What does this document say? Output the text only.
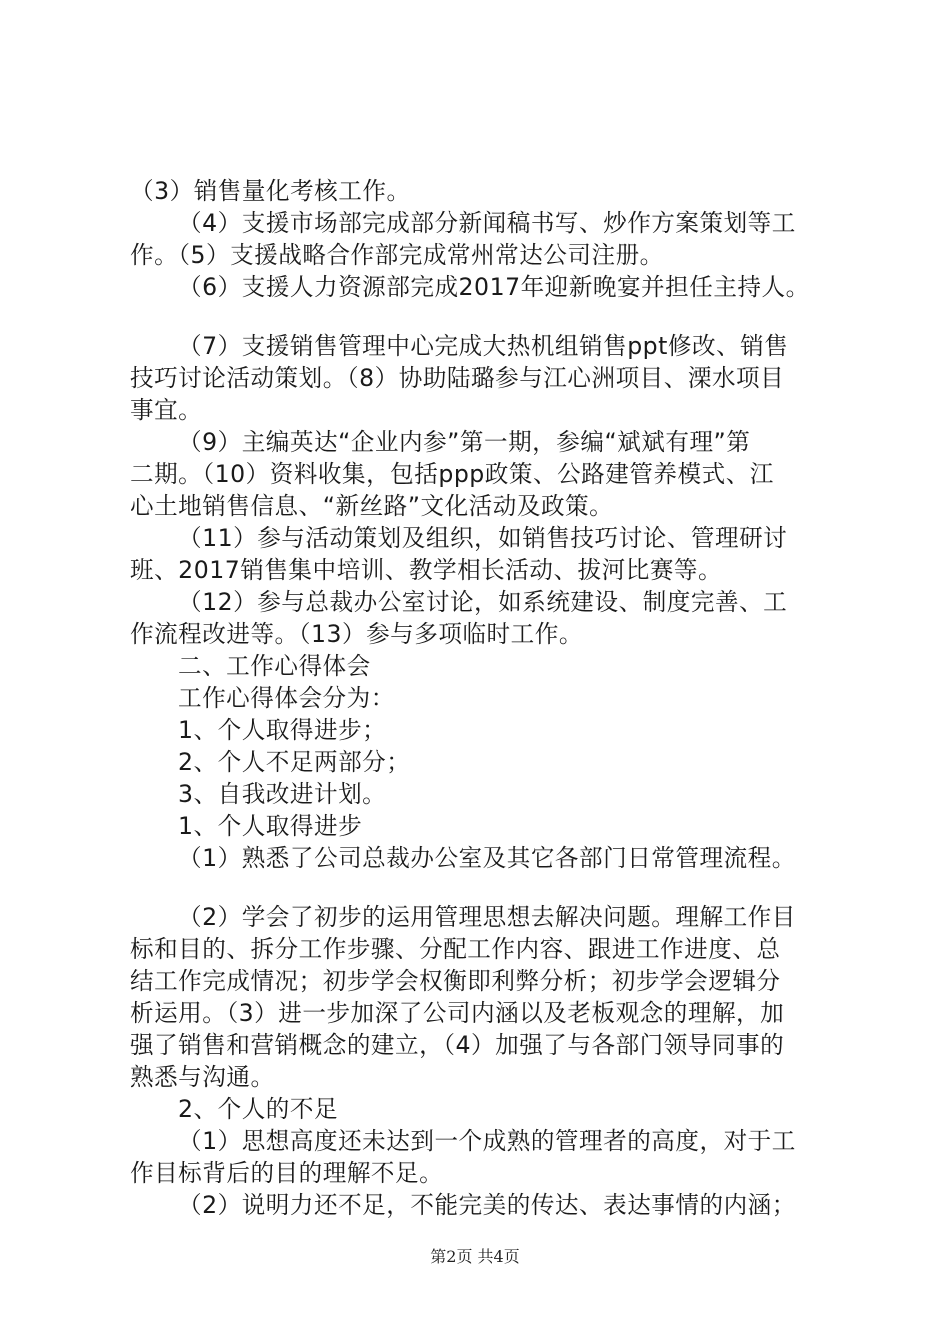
（3）销售量化考核工作。
（4）支援市场部完成部分新闻稿书写、炒作方案策划等工
作。（5）支援战略合作部完成常州常达公司注册。
（6）支援人力资源部完成2017年迎新晚宴并担任主持人。
（7）支援销售管理中心完成大热机组销售ppt修改、销售
技巧讨论活动策划。（8）协助陆璐参与江心洲项目、溧水项目
事宜。
（9）主编英达“企业内参”第一期，参编“斌斌有理”第
二期。（10）资料收集，包括ppp政策、公路建管养模式、江
心土地销售信息、“新丝路”文化活动及政策。
（11）参与活动策划及组织，如销售技巧讨论、管理研讨
班、2017销售集中培训、教学相长活动、拔河比赛等。
（12）参与总裁办公室讨论，如系统建设、制度完善、工
作流程改进等。（13）参与多项临时工作。
二、工作心得体会
工作心得体会分为：
1、个人取得进步；
2、个人不足两部分；
3、自我改进计划。
1、个人取得进步
（1）熟悉了公司总裁办公室及其它各部门日常管理流程。
（2）学会了初步的运用管理思想去解决问题。理解工作目
标和目的、拆分工作步骤、分配工作内容、跟进工作进度、总
结工作完成情况；初步学会权衡即利弊分析；初步学会逻辑分
析运用。（3）进一步加深了公司内涵以及老板观念的理解，加
强了销售和营销概念的建立，（4）加强了与各部门领导同事的
熟悉与沟通。
2、个人的不足
（1）思想高度还未达到一个成熟的管理者的高度，对于工
作目标背后的目的理解不足。
（2）说明力还不足，不能完美的传达、表达事情的内涵；
第2页 共4页
